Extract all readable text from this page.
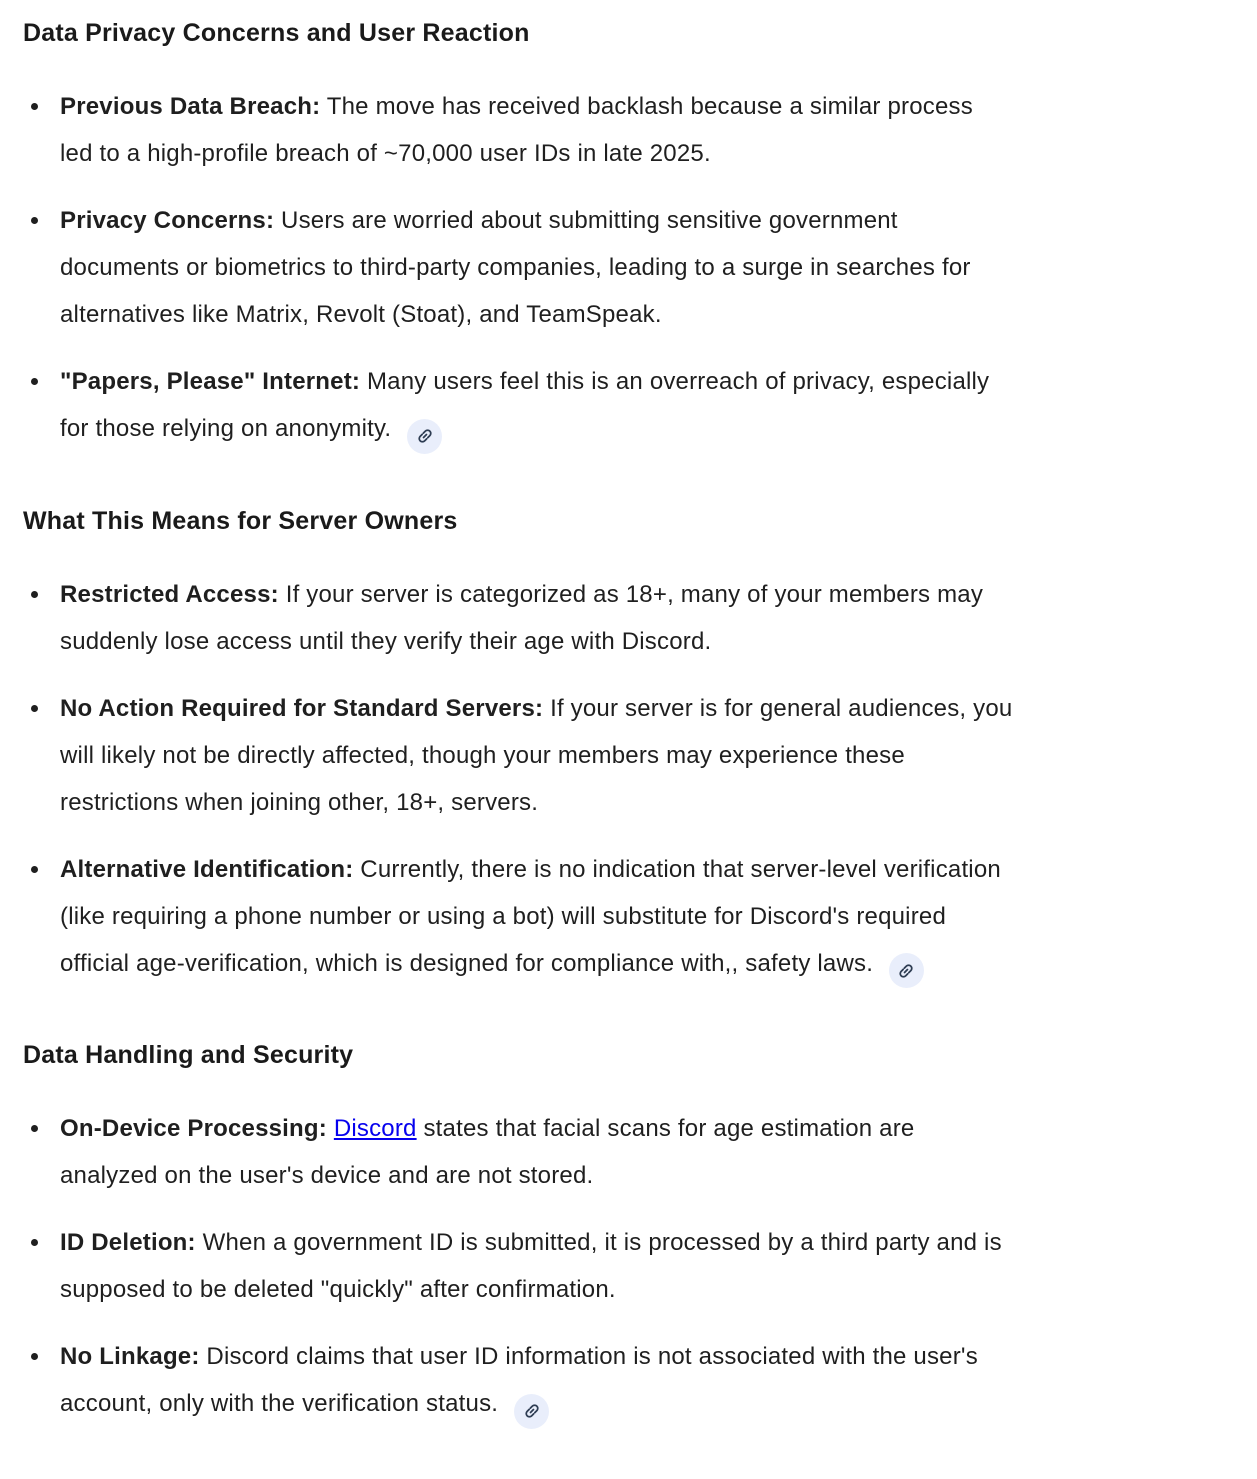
Data Privacy Concerns and User Reaction
Previous Data Breach: The move has received backlash because a similar process
led to a high-profile breach of ~70,000 user IDs in late 2025.
Privacy Concerns: Users are worried about submitting sensitive government
documents or biometrics to third-party companies, leading to a surge in searches for
alternatives like Matrix, Revolt (Stoat), and TeamSpeak.
"Papers, Please" Internet: Many users feel this is an overreach of privacy, especially
for those relying on anonymity.
What This Means for Server Owners
Restricted Access: If your server is categorized as 18+, many of your members may
suddenly lose access until they verify their age with Discord.
No Action Required for Standard Servers: If your server is for general audiences, you
will likely not be directly affected, though your members may experience these
restrictions when joining other, 18+, servers.
Alternative Identification: Currently, there is no indication that server-level verification
(like requiring a phone number or using a bot) will substitute for Discord's required
official age-verification, which is designed for compliance with,, safety laws.
Data Handling and Security
On-Device Processing: Discord states that facial scans for age estimation are
analyzed on the user's device and are not stored.
ID Deletion: When a government ID is submitted, it is processed by a third party and is
supposed to be deleted "quickly" after confirmation.
No Linkage: Discord claims that user ID information is not associated with the user's
account, only with the verification status.
